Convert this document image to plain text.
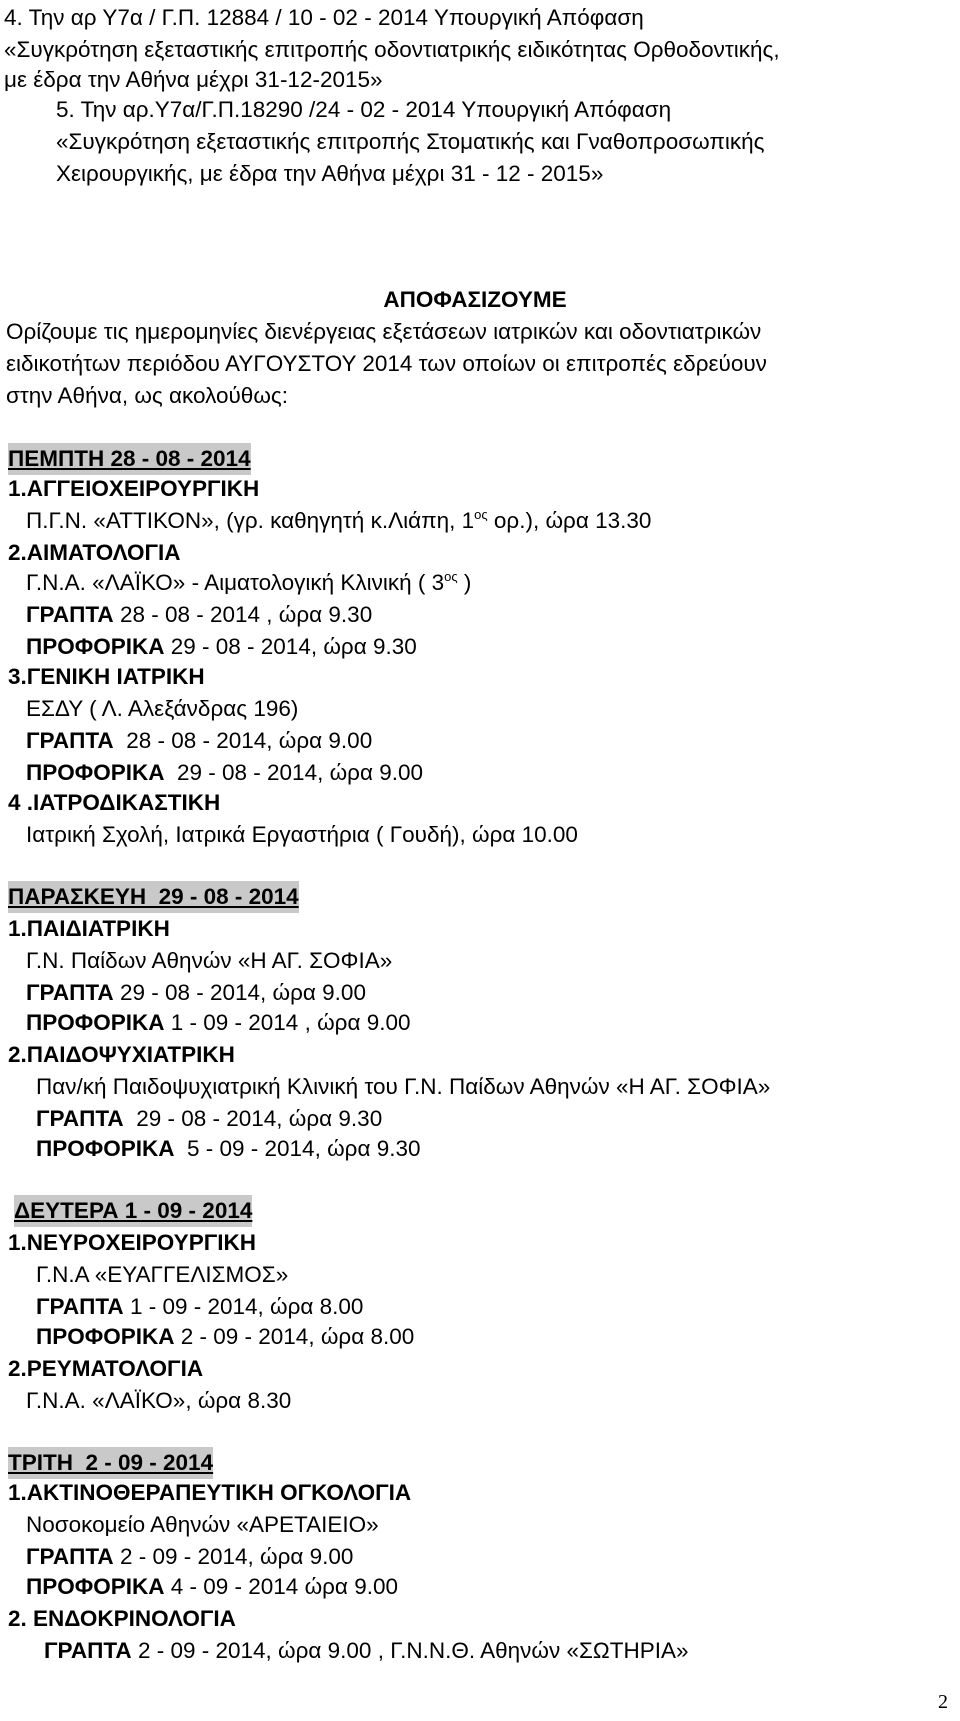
4. Την αρ Υ7α / Γ.Π. 12884 / 10 - 02 - 2014 Υπουργική Απόφαση
«Συγκρότηση εξεταστικής επιτροπής οδοντιατρικής ειδικότητας Ορθοδοντικής,
με έδρα την Αθήνα μέχρι 31-12-2015»
5. Την αρ.Υ7α/Γ.Π.18290 /24 - 02 - 2014 Υπουργική Απόφαση
«Συγκρότηση εξεταστικής επιτροπής Στοματικής και Γναθοπροσωπικής
Χειρουργικής, με έδρα την Αθήνα μέχρι 31 - 12 - 2015»
ΑΠΟΦΑΣΙΖΟΥΜΕ
Ορίζουμε τις ημερομηνίες διενέργειας εξετάσεων ιατρικών και οδοντιατρικών
ειδικοτήτων περιόδου ΑΥΓΟΥΣΤΟΥ 2014 των οποίων οι επιτροπές εδρεύουν
στην Αθήνα, ως ακολούθως:
ΠΕΜΠΤΗ 28 - 08 - 2014
1.ΑΓΓΕΙΟΧΕΙΡΟΥΡΓΙΚΗ
Π.Γ.Ν. «ΑΤΤΙΚΟΝ», (γρ. καθηγητή κ.Λιάπη, $1^{o\varsigma}$ ορ.), ώρα 13.30
2.ΑΙΜΑΤΟΛΟΓΙΑ
Γ.Ν.Α. «ΛΑΪΚΟ» - Αιματολογική Κλινική ( $3^{o\varsigma}$ )
ΓΡΑΠΤΑ 28 - 08 - 2014 , ώρα 9.30
ΠΡΟΦΟΡΙΚΑ 29 - 08 - 2014, ώρα 9.30
3.ΓΕΝΙΚΗ ΙΑΤΡΙΚΗ
ΕΣΔΥ ( Λ. Αλεξάνδρας 196)
ΓΡΑΠΤΑ  28 - 08 - 2014, ώρα 9.00
ΠΡΟΦΟΡΙΚΑ  29 - 08 - 2014, ώρα 9.00
4 .ΙΑΤΡΟΔΙΚΑΣΤΙΚΗ
Ιατρική Σχολή, Ιατρικά Εργαστήρια ( Γουδή), ώρα 10.00
ΠΑΡΑΣΚΕΥΗ  29 - 08 - 2014
1.ΠΑΙΔΙΑΤΡΙΚΗ
Γ.Ν. Παίδων Αθηνών «Η ΑΓ. ΣΟΦΙΑ»
ΓΡΑΠΤΑ 29 - 08 - 2014, ώρα 9.00
ΠΡΟΦΟΡΙΚΑ 1 - 09 - 2014 , ώρα 9.00
2.ΠΑΙΔΟΨΥΧΙΑΤΡΙΚΗ
Παν/κή Παιδοψυχιατρική Κλινική του Γ.Ν. Παίδων Αθηνών «Η ΑΓ. ΣΟΦΙΑ»
ΓΡΑΠΤΑ  29 - 08 - 2014, ώρα 9.30
ΠΡΟΦΟΡΙΚΑ  5 - 09 - 2014, ώρα 9.30
ΔΕΥΤΕΡΑ 1 - 09 - 2014
1.ΝΕΥΡΟΧΕΙΡΟΥΡΓΙΚΗ
Γ.Ν.Α «ΕΥΑΓΓΕΛΙΣΜΟΣ»
ΓΡΑΠΤΑ 1 - 09 - 2014, ώρα 8.00
ΠΡΟΦΟΡΙΚΑ 2 - 09 - 2014, ώρα 8.00
2.ΡΕΥΜΑΤΟΛΟΓΙΑ
Γ.Ν.Α. «ΛΑΪΚΟ», ώρα 8.30
ΤΡΙΤΗ  2 - 09 - 2014
1.ΑΚΤΙΝΟΘΕΡΑΠΕΥΤΙΚΗ ΟΓΚΟΛΟΓΙΑ
Νοσοκομείο Αθηνών «ΑΡΕΤΑΙΕΙΟ»
ΓΡΑΠΤΑ 2 - 09 - 2014, ώρα 9.00
ΠΡΟΦΟΡΙΚΑ 4 - 09 - 2014 ώρα 9.00
2. ΕΝΔΟΚΡΙΝΟΛΟΓΙΑ
ΓΡΑΠΤΑ 2 - 09 - 2014, ώρα 9.00 , Γ.Ν.Ν.Θ. Αθηνών «ΣΩΤΗΡΙΑ»
2
